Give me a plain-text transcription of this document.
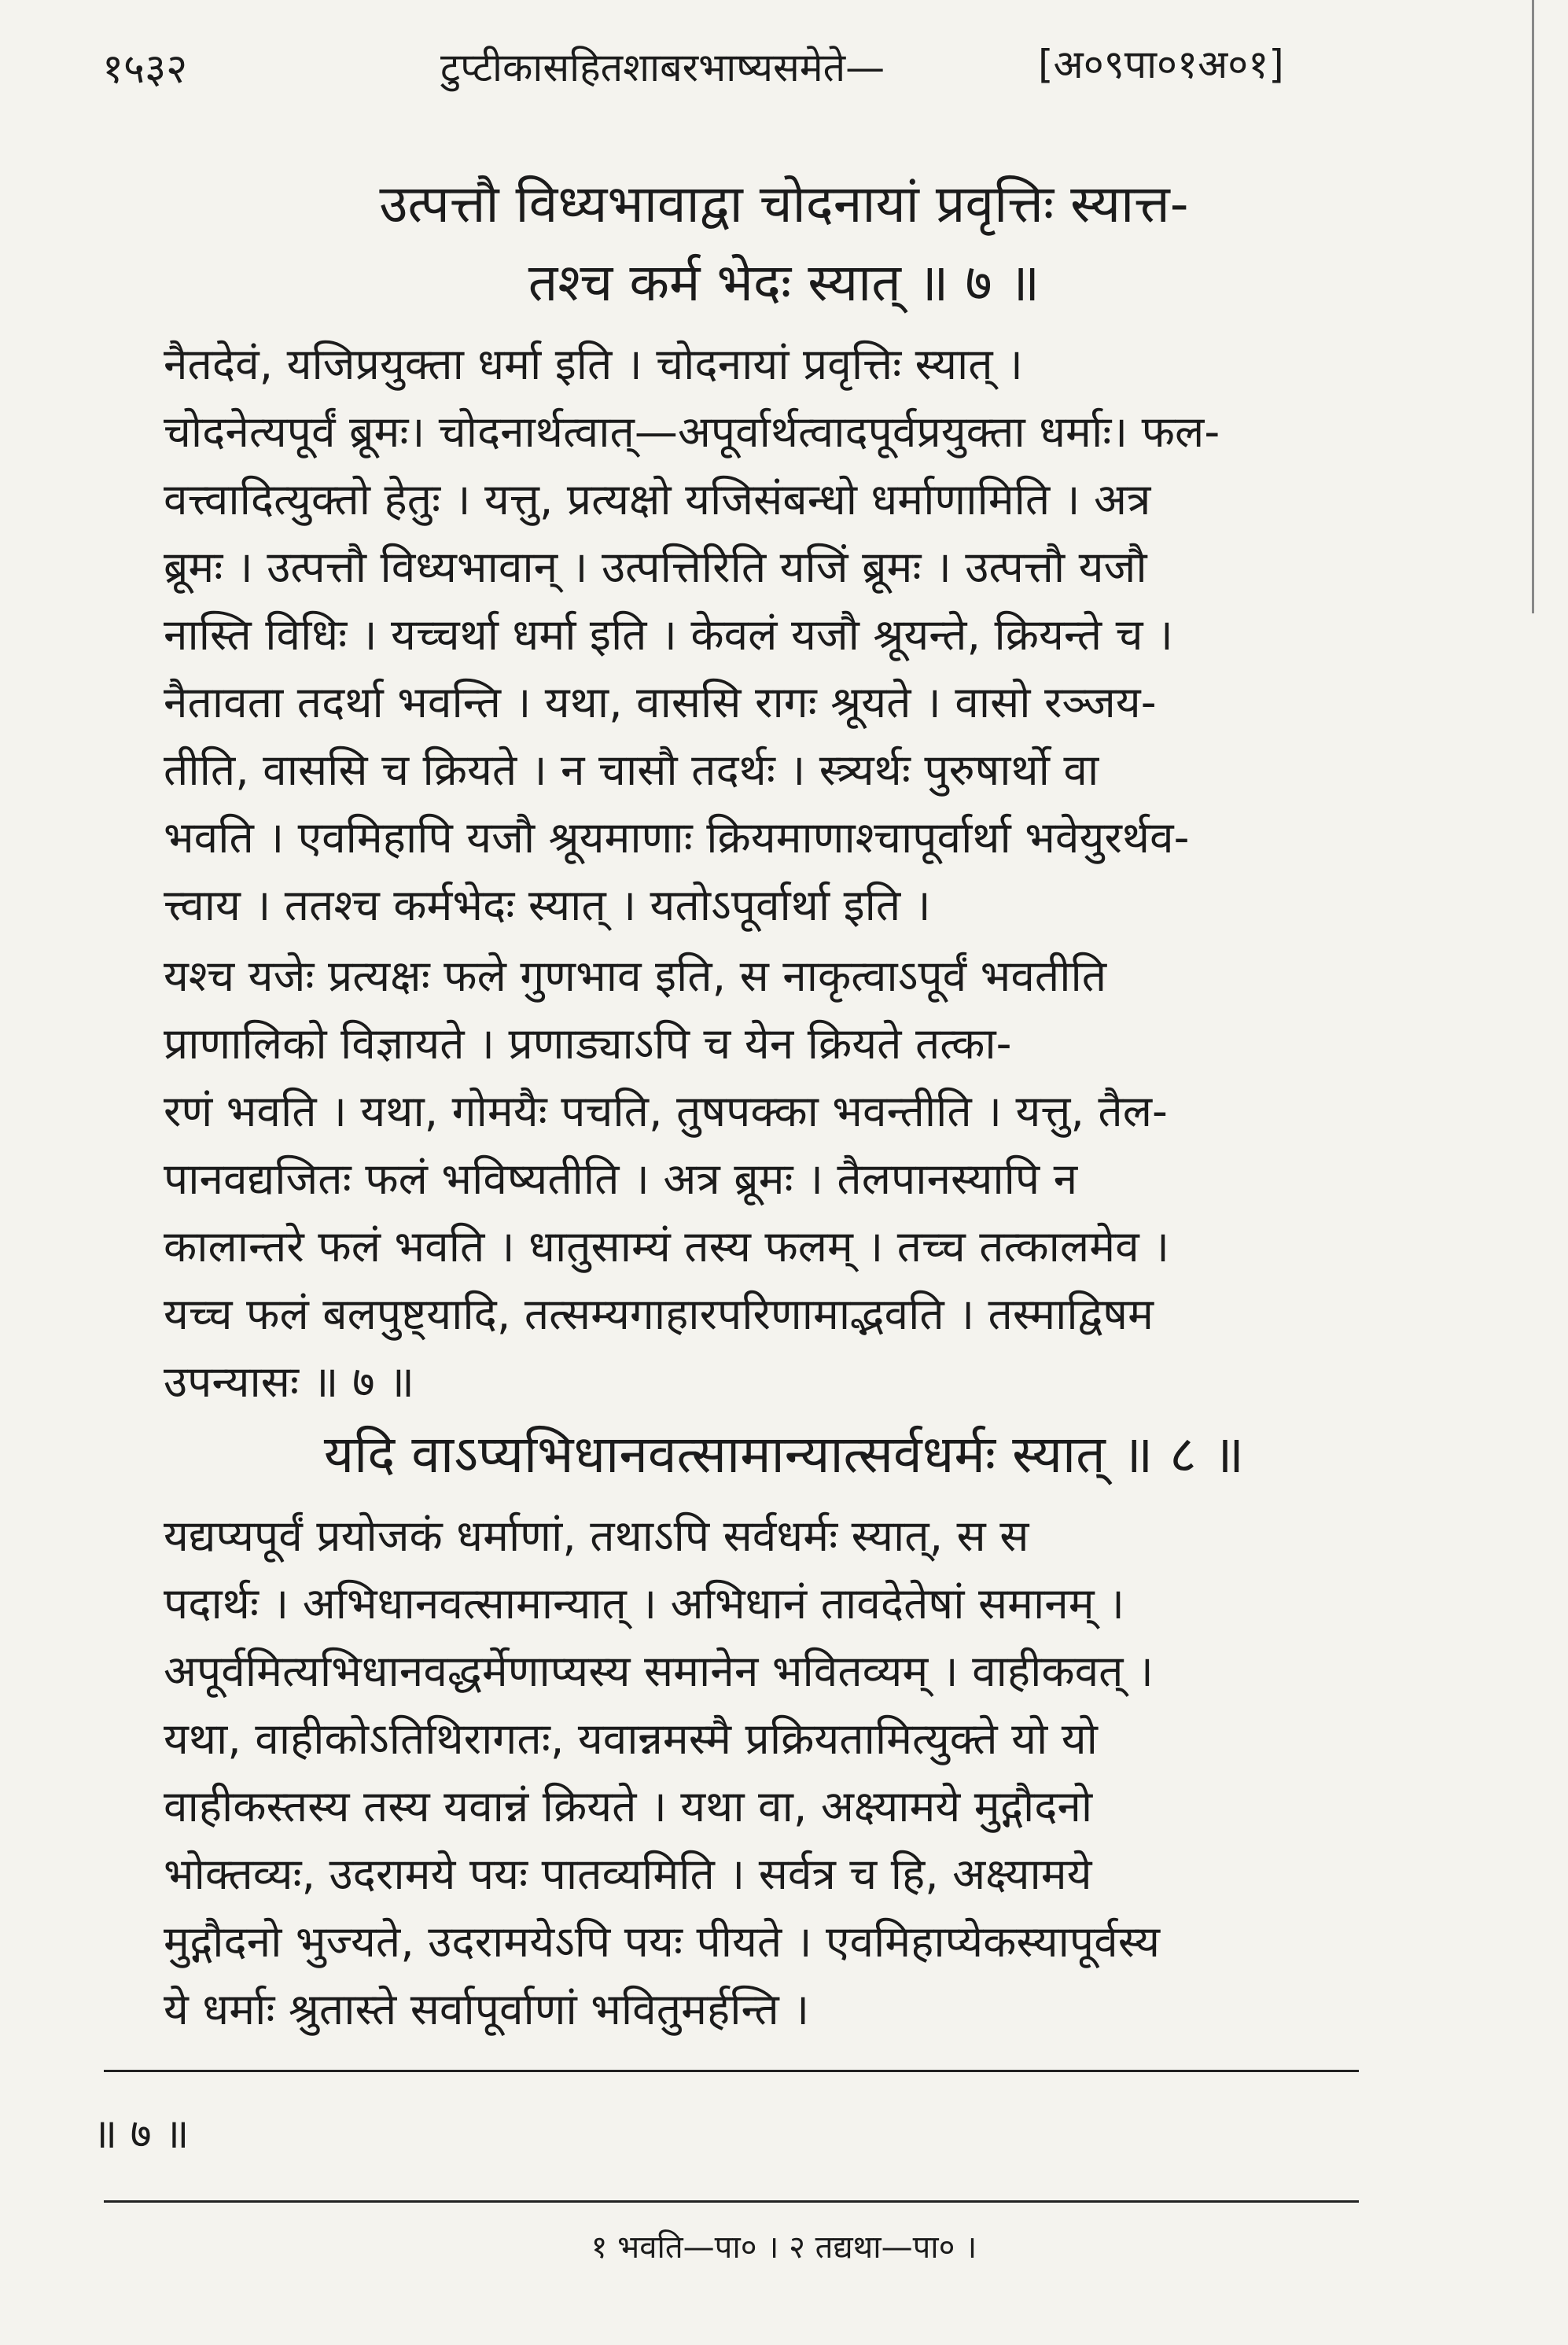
१५३२	टुप्टीकासहितशाबरभाष्यसमेते—	[अ०९पा०१अ०१]
उत्पत्तौ विध्यभावाद्वा चोदनायां प्रवृत्तिः स्यात्त-
तश्च कर्म भेदः स्यात् ॥ ७ ॥
नैतदेवं, यजिप्रयुक्ता धर्मा इति । चोदनायां प्रवृत्तिः स्यात् ।
चोदनेत्यपूर्वं ब्रूमः। चोदनार्थत्वात्—अपूर्वार्थत्वादपूर्वप्रयुक्ता धर्माः। फल-
वत्त्वादित्युक्तो हेतुः । यत्तु, प्रत्यक्षो यजिसंबन्धो धर्माणामिति । अत्र
ब्रूमः । उत्पत्तौ विध्यभावान् । उत्पत्तिरिति यजिं ब्रूमः । उत्पत्तौ यजौ
नास्ति विधिः । यच्चर्था धर्मा इति । केवलं यजौ श्रूयन्ते, क्रियन्ते च ।
नैतावता तदर्था भवन्ति । यथा, वाससि रागः श्रूयते । वासो रञ्जय-
तीति, वाससि च क्रियते । न चासौ तदर्थः । स्त्र्यर्थः पुरुषार्थो वा
भवति । एवमिहापि यजौ श्रूयमाणाः क्रियमाणाश्चापूर्वार्था भवेयुरर्थव-
त्त्वाय । ततश्च कर्मभेदः स्यात् । यतोऽपूर्वार्था इति ।
यश्च यजेः प्रत्यक्षः फले गुणभाव इति, स नाकृत्वाऽपूर्वं भवतीति
प्राणालिको विज्ञायते । प्रणाड्याऽपि च येन क्रियते तत्का-
रणं भवति । यथा, गोमयैः पचति, तुषपक्का भवन्तीति । यत्तु, तैल-
पानवद्यजितः फलं भविष्यतीति । अत्र ब्रूमः । तैलपानस्यापि न
कालान्तरे फलं भवति । धातुसाम्यं तस्य फलम् । तच्च तत्कालमेव ।
यच्च फलं बलपुष्ट्यादि, तत्सम्यगाहारपरिणामाद्भवति । तस्माद्विषम
उपन्यासः ॥ ७ ॥
यदि वाऽप्यभिधानवत्सामान्यात्सर्वधर्मः स्यात् ॥ ८ ॥
यद्यप्यपूर्वं प्रयोजकं धर्माणां, तथाऽपि सर्वधर्मः स्यात्, स स
पदार्थः । अभिधानवत्सामान्यात् । अभिधानं तावदेतेषां समानम् ।
अपूर्वमित्यभिधानवद्धर्मेणाप्यस्य समानेन भवितव्यम् । वाहीकवत् ।
यथा, वाहीकोऽतिथिरागतः, यवान्नमस्मै प्रक्रियतामित्युक्ते यो यो
वाहीकस्तस्य तस्य यवान्नं क्रियते । यथा वा, अक्ष्यामये मुद्गौदनो
भोक्तव्यः, उदरामये पयः पातव्यमिति । सर्वत्र च हि, अक्ष्यामये
मुद्गौदनो भुज्यते, उदरामयेऽपि पयः पीयते । एवमिहाप्येकस्यापूर्वस्य
ये धर्माः श्रुतास्ते सर्वापूर्वाणां भवितुमर्हन्ति ।
॥ ७ ॥
१ भवति—पा० । २ तद्यथा—पा० ।
